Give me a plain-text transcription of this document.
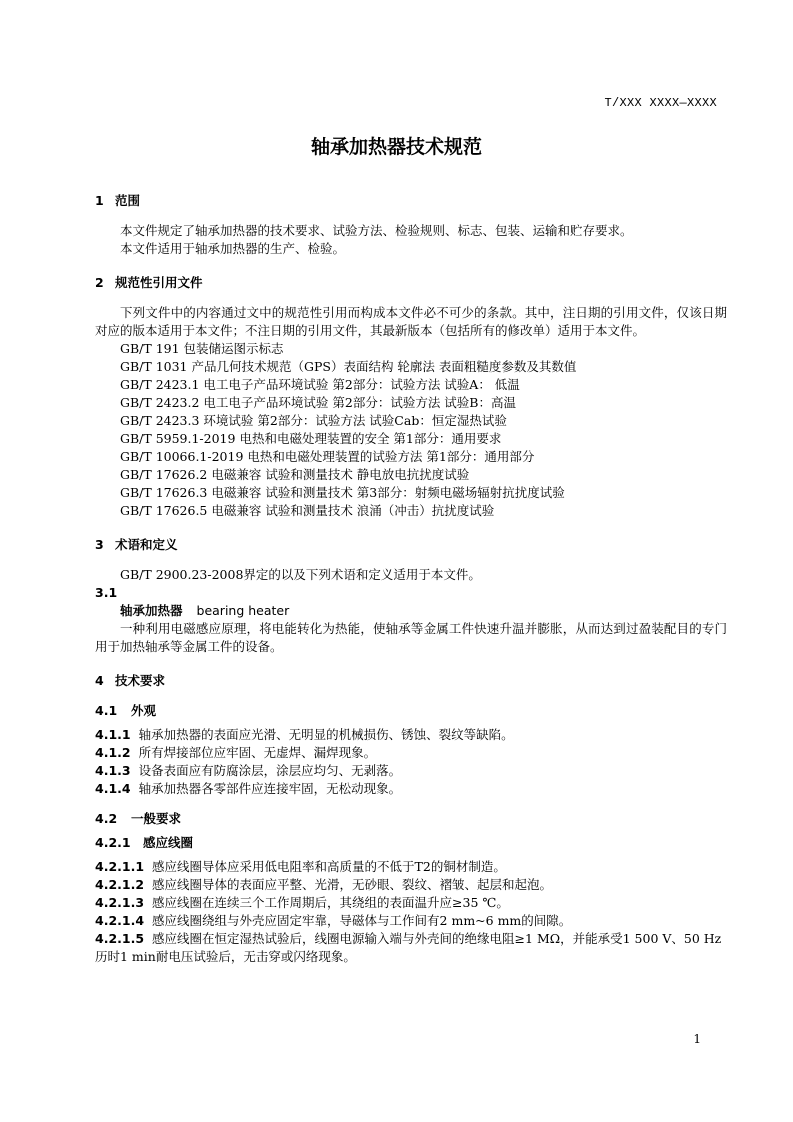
T/XXX XXXX—XXXX
轴承加热器技术规范
1 范围

本文件规定了轴承加热器的技术要求、试验方法、检验规则、标志、包装、运输和贮存要求。

本文件适用于轴承加热器的生产、检验。

2 规范性引用文件

下列文件中的内容通过文中的规范性引用而构成本文件必不可少的条款。其中，注日期的引用文件，仅该日期对应的版本适用于本文件；不注日期的引用文件，其最新版本（包括所有的修改单）适用于本文件。

GB/T 191 包装储运图示标志

GB/T 1031 产品几何技术规范（GPS）表面结构 轮廓法 表面粗糙度参数及其数值

GB/T 2423.1 电工电子产品环境试验 第2部分：试验方法 试验A： 低温

GB/T 2423.2 电工电子产品环境试验 第2部分：试验方法 试验B：高温

GB/T 2423.3 环境试验 第2部分：试验方法 试验Cab：恒定湿热试验

GB/T 5959.1-2019 电热和电磁处理装置的安全 第1部分：通用要求

GB/T 10066.1-2019 电热和电磁处理装置的试验方法 第1部分：通用部分

GB/T 17626.2 电磁兼容 试验和测量技术 静电放电抗扰度试验

GB/T 17626.3 电磁兼容 试验和测量技术 第3部分：射频电磁场辐射抗扰度试验

GB/T 17626.5 电磁兼容 试验和测量技术 浪涌（冲击）抗扰度试验

3 术语和定义

GB/T 2900.23-2008界定的以及下列术语和定义适用于本文件。

3.1

轴承加热器 bearing heater

一种利用电磁感应原理，将电能转化为热能，使轴承等金属工件快速升温并膨胀，从而达到过盈装配目的专门用于加热轴承等金属工件的设备。

4 技术要求
4.1 外观

4.1.1 轴承加热器的表面应光滑、无明显的机械损伤、锈蚀、裂纹等缺陷。

4.1.2 所有焊接部位应牢固、无虚焊、漏焊现象。

4.1.3 设备表面应有防腐涂层，涂层应均匀、无剥落。

4.1.4 轴承加热器各零部件应连接牢固，无松动现象。

4.2 一般要求
4.2.1 感应线圈

4.2.1.1 感应线圈导体应采用低电阻率和高质量的不低于T2的铜材制造。

4.2.1.2 感应线圈导体的表面应平整、光滑，无砂眼、裂纹、褶皱、起层和起泡。

4.2.1.3 感应线圈在连续三个工作周期后，其绕组的表面温升应≥35 ℃。

4.2.1.4 感应线圈绕组与外壳应固定牢靠，导磁体与工作间有2 mm~6 mm的间隙。

4.2.1.5 感应线圈在恒定湿热试验后，线圈电源输入端与外壳间的绝缘电阻≥1 MΩ，并能承受1 500 V、50 Hz历时1 min耐电压试验后，无击穿或闪络现象。

1
